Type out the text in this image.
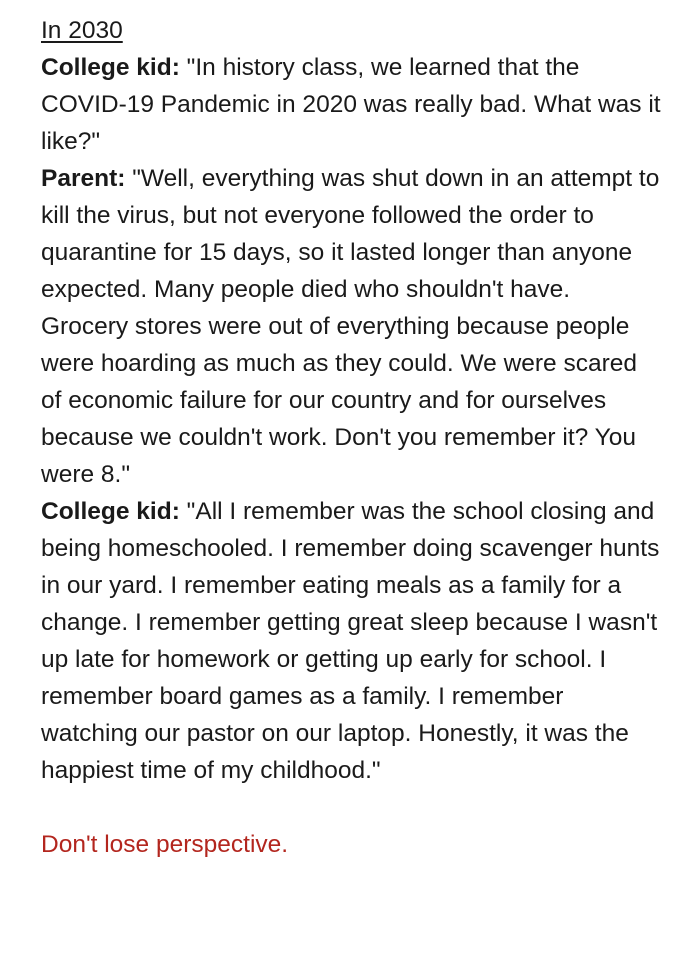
In 2030

College kid: "In history class, we learned that the COVID-19 Pandemic in 2020 was really bad. What was it like?"

Parent: "Well, everything was shut down in an attempt to kill the virus, but not everyone followed the order to quarantine for 15 days, so it lasted longer than anyone expected. Many people died who shouldn't have. Grocery stores were out of everything because people were hoarding as much as they could. We were scared of economic failure for our country and for ourselves because we couldn't work. Don't you remember it? You were 8."

College kid: "All I remember was the school closing and being homeschooled. I remember doing scavenger hunts in our yard. I remember eating meals as a family for a change. I remember getting great sleep because I wasn't up late for homework or getting up early for school. I remember board games as a family. I remember watching our pastor on our laptop. Honestly, it was the happiest time of my childhood."

Don't lose perspective.
